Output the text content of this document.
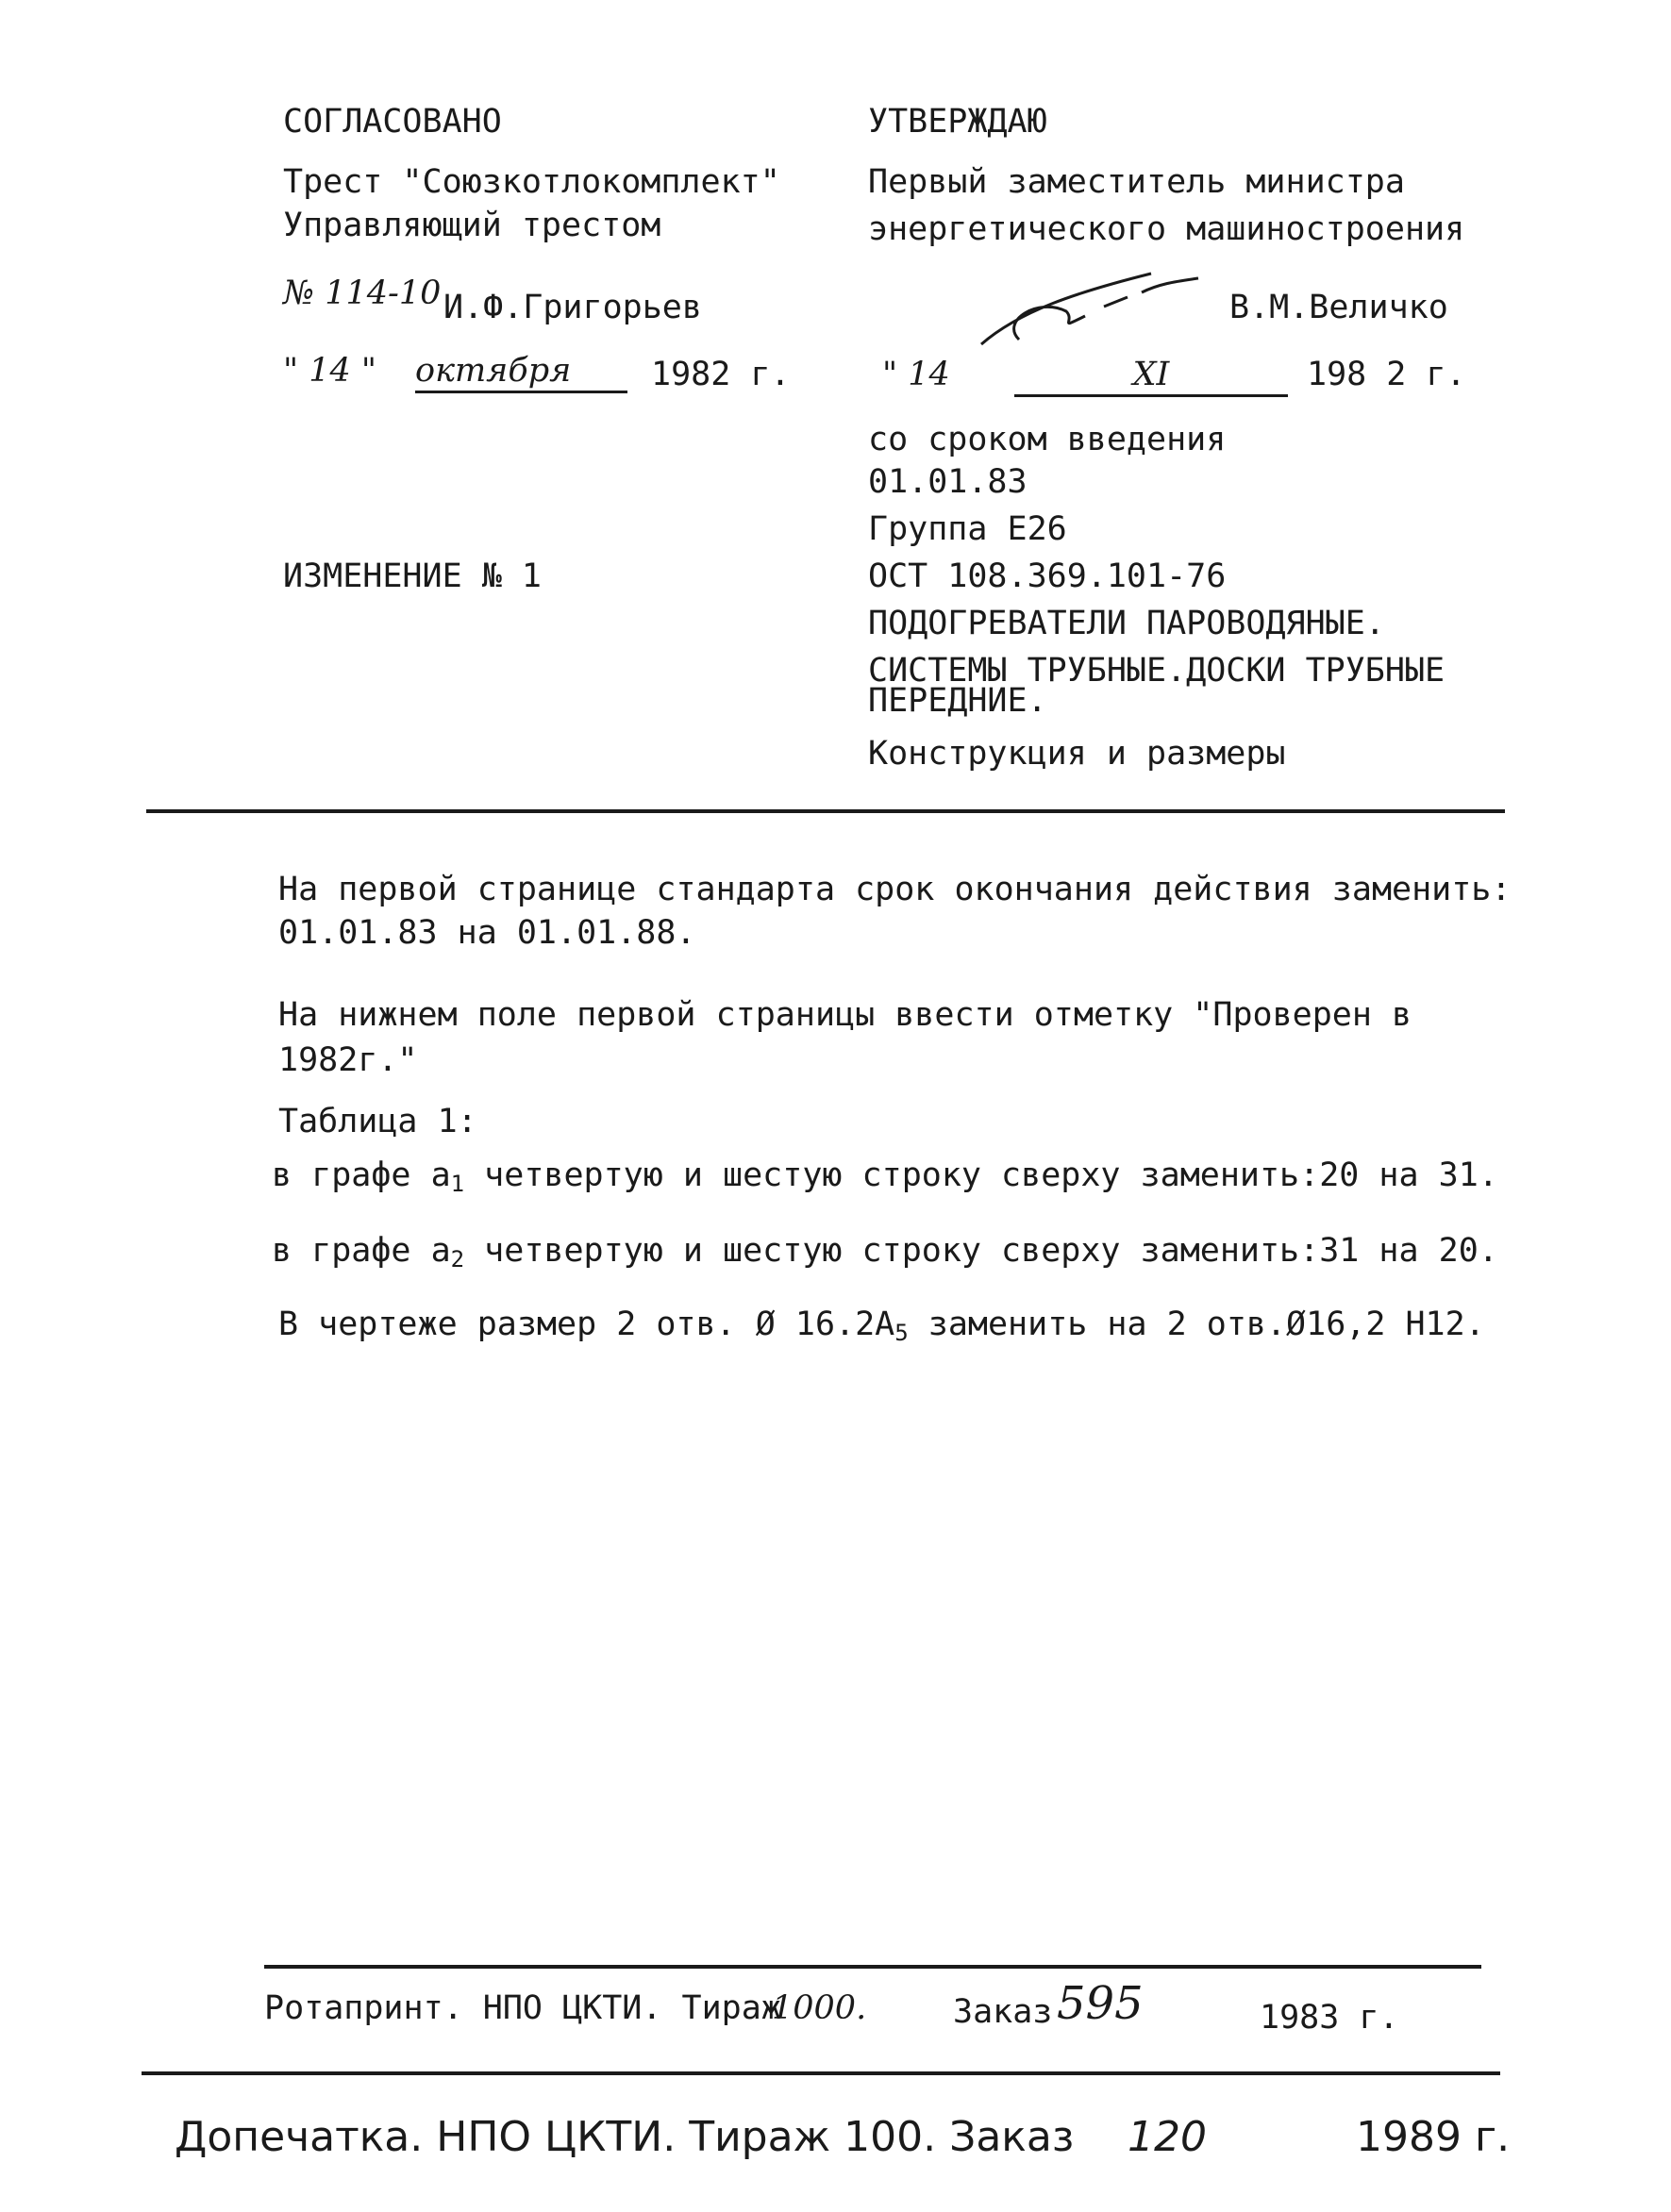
СОГЛАСОВАНО
Трест "Союзкотлокомплект"
Управляющий трестом
№ 114-10 И.Ф.Григорьев
" 14 " октября	1982 г.
УТВЕРЖДАЮ
Первый заместитель министра
энергетического машиностроения
В.М.Величко
" 14	XI	198 2 г.
со сроком введения
01.01.83
Группа Е26
ОСТ 108.369.101-76
ПОДОГРЕВАТЕЛИ ПАРОВОДЯНЫЕ.
СИСТЕМЫ ТРУБНЫЕ.ДОСКИ ТРУБНЫЕ
ПЕРЕДНИЕ.
Конструкция и размеры
ИЗМЕНЕНИЕ № 1
На первой странице стандарта срок окончания действия заменить:
01.01.83 на 01.01.88.
На нижнем поле первой страницы ввести отметку "Проверен в
1982г."
Таблица 1:
в графе $a_1$ четвертую и шестую строку сверху заменить:20 на 31.
в графе $a_2$ четвертую и шестую строку сверху заменить:31 на 20.
В чертеже размер 2 отв. Ø $16.2A_5$ заменить на 2 отв.Ø16,2 H12.
Ротапринт. НПО ЦКТИ. Тираж
1000.	Заказ 595	1983 г.
Допечатка. НПО ЦКТИ. Тираж 100. Заказ 120	1989 г.
